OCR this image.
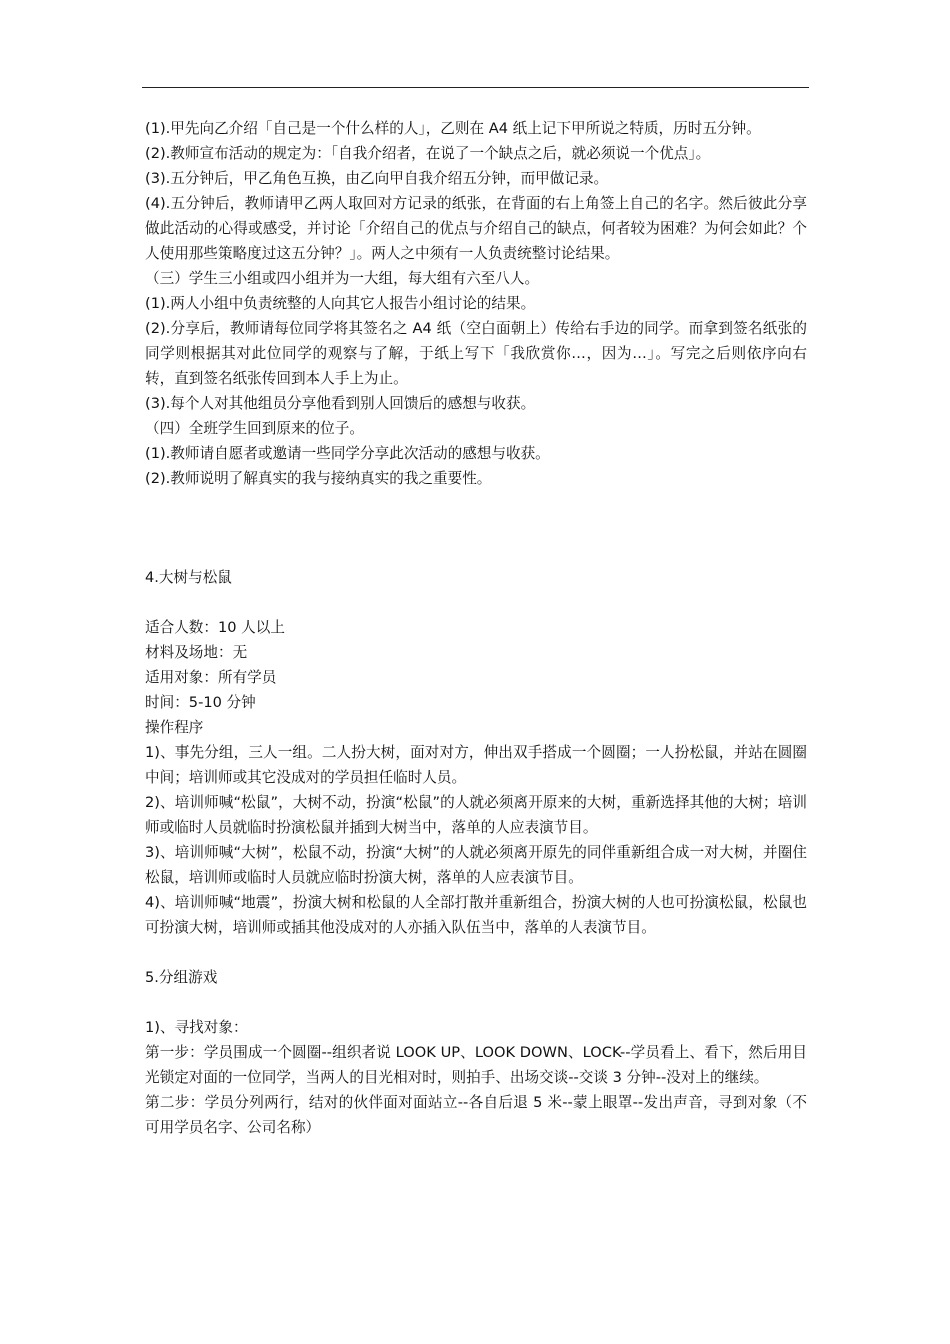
(1).甲先向乙介绍「自己是一个什么样的人」，乙则在 A4 纸上记下甲所说之特质，历时五分钟。

(2).教师宣布活动的规定为：「自我介绍者，在说了一个缺点之后，就必须说一个优点」。

(3).五分钟后，甲乙角色互换，由乙向甲自我介绍五分钟，而甲做记录。

(4).五分钟后，教师请甲乙两人取回对方记录的纸张，在背面的右上角签上自己的名字。然后彼此分享做此活动的心得或感受，并讨论「介绍自己的优点与介绍自己的缺点，何者较为困难？为何会如此？个人使用那些策略度过这五分钟？」。两人之中须有一人负责统整讨论结果。

（三）学生三小组或四小组并为一大组，每大组有六至八人。

(1).两人小组中负责统整的人向其它人报告小组讨论的结果。

(2).分享后，教师请每位同学将其签名之 A4 纸（空白面朝上）传给右手边的同学。而拿到签名纸张的同学则根据其对此位同学的观察与了解，于纸上写下「我欣赏你…，因为…」。写完之后则依序向右转，直到签名纸张传回到本人手上为止。

(3).每个人对其他组员分享他看到别人回馈后的感想与收获。

（四）全班学生回到原来的位子。

(1).教师请自愿者或邀请一些同学分享此次活动的感想与收获。

(2).教师说明了解真实的我与接纳真实的我之重要性。

4.大树与松鼠

适合人数：10 人以上

材料及场地：无

适用对象：所有学员

时间：5-10 分钟

操作程序

1)、事先分组，三人一组。二人扮大树，面对对方，伸出双手搭成一个圆圈；一人扮松鼠，并站在圆圈中间；培训师或其它没成对的学员担任临时人员。

2)、培训师喊“松鼠”，大树不动，扮演“松鼠”的人就必须离开原来的大树，重新选择其他的大树；培训师或临时人员就临时扮演松鼠并插到大树当中，落单的人应表演节目。

3)、培训师喊“大树”，松鼠不动，扮演“大树”的人就必须离开原先的同伴重新组合成一对大树，并圈住松鼠，培训师或临时人员就应临时扮演大树，落单的人应表演节目。

4)、培训师喊“地震”，扮演大树和松鼠的人全部打散并重新组合，扮演大树的人也可扮演松鼠，松鼠也可扮演大树，培训师或插其他没成对的人亦插入队伍当中，落单的人表演节目。

5.分组游戏

1)、寻找对象：

第一步：学员围成一个圆圈--组织者说 LOOK UP、LOOK DOWN、LOCK--学员看上、看下，然后用目光锁定对面的一位同学，当两人的目光相对时，则拍手、出场交谈--交谈 3 分钟--没对上的继续。

第二步：学员分列两行，结对的伙伴面对面站立--各自后退 5 米--蒙上眼罩--发出声音，寻到对象（不可用学员名字、公司名称）
